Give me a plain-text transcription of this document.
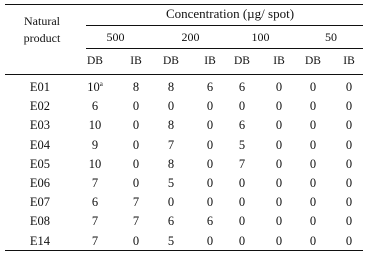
Natural
product
Concentration (µg/ spot)
500	200	100	50
DB	IB	DB	IB	DB	IB	DB	IB
E01	10$^a$	8	8	6	6	0	0	0
E02	6	0	0	0	0	0	0	0
E03	10	0	8	0	6	0	0	0
E04	9	0	7	0	5	0	0	0
E05	10	0	8	0	7	0	0	0
E06	7	0	5	0	0	0	0	0
E07	6	7	0	0	0	0	0	0
E08	7	7	6	6	0	0	0	0
E14	7	0	5	0	0	0	0	0
